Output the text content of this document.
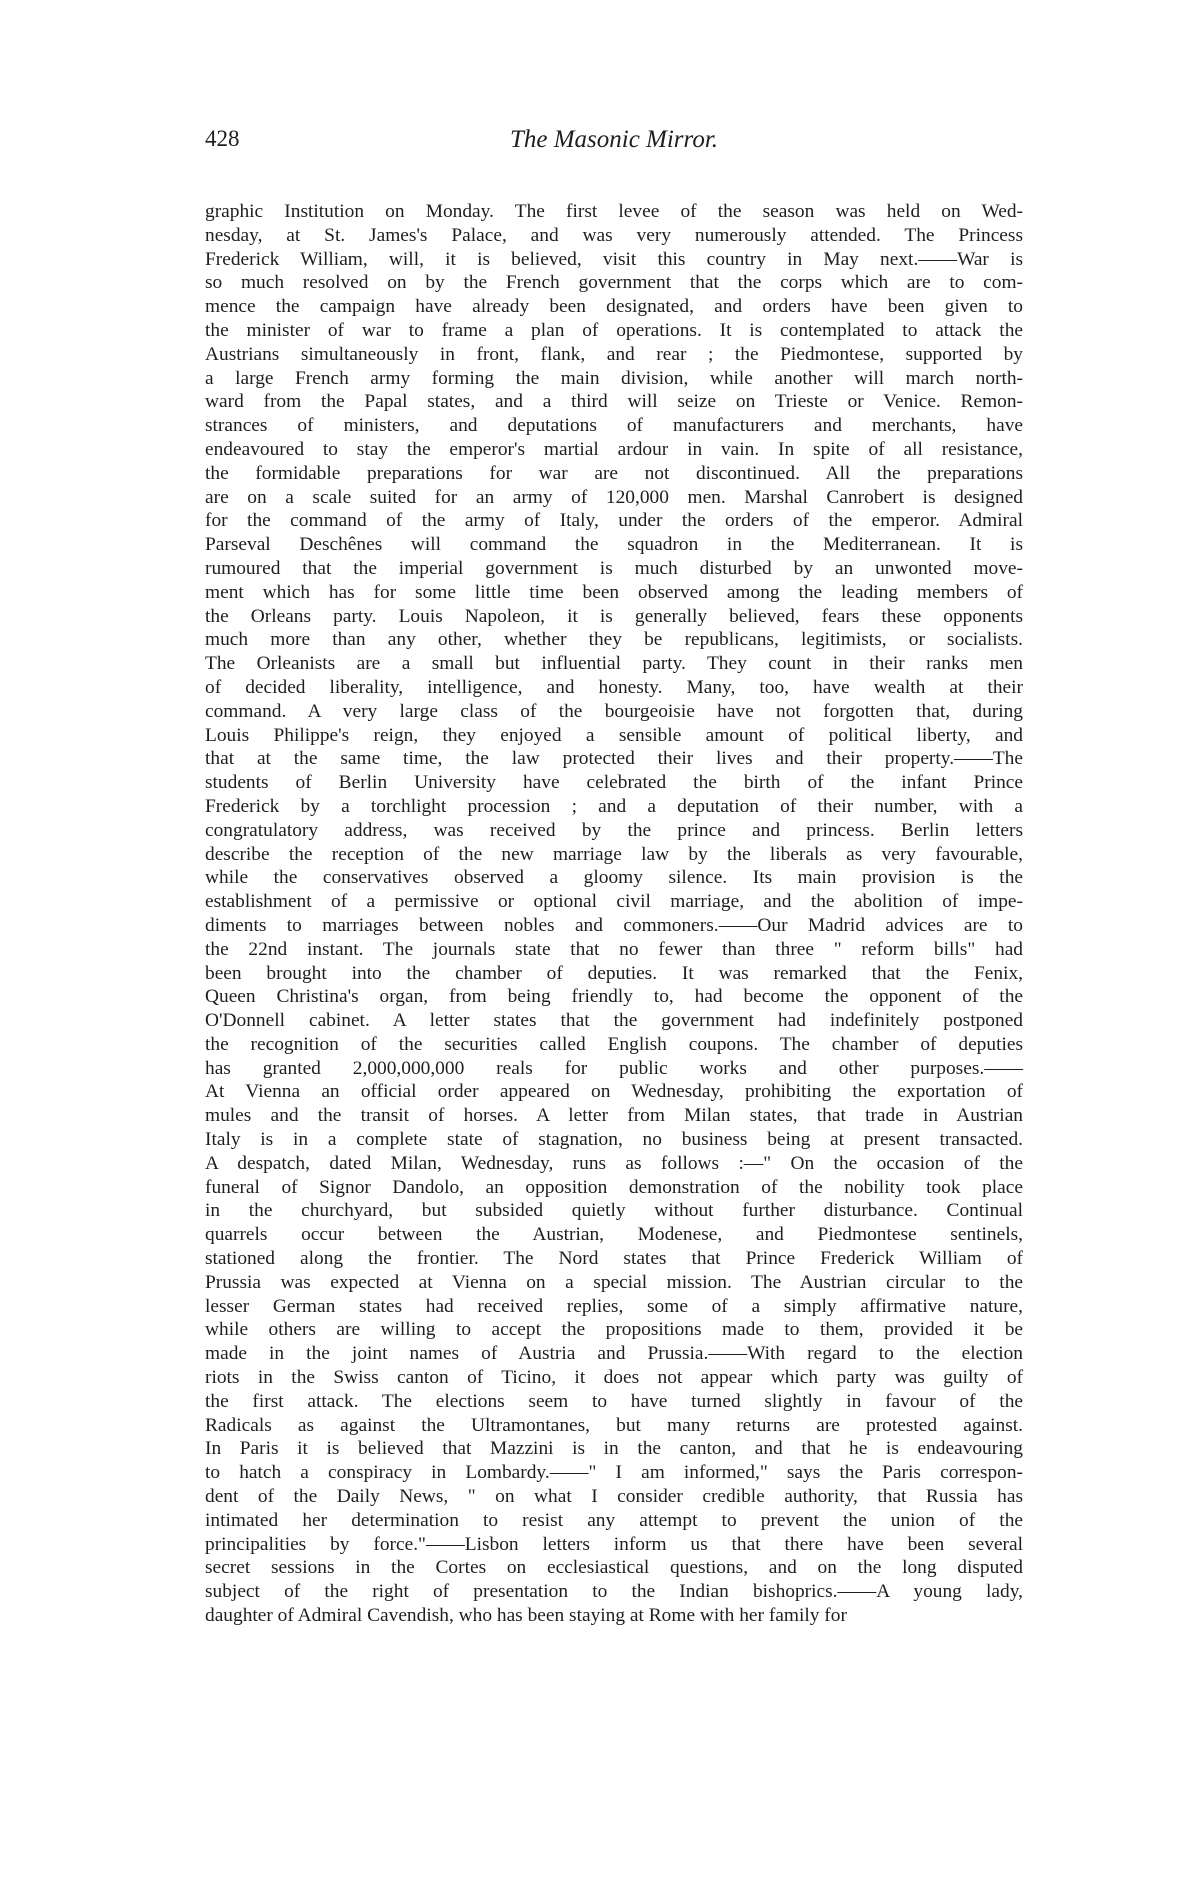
428	The Masonic Mirror.
graphic Institution on Monday. The first levee of the season was held on Wed-
nesday, at St. James's Palace, and was very numerously attended. The Princess
Frederick William, will, it is believed, visit this country in May next.——War is
so much resolved on by the French government that the corps which are to com-
mence the campaign have already been designated, and orders have been given to
the minister of war to frame a plan of operations. It is contemplated to attack the
Austrians simultaneously in front, flank, and rear ; the Piedmontese, supported by
a large French army forming the main division, while another will march north-
ward from the Papal states, and a third will seize on Trieste or Venice. Remon-
strances of ministers, and deputations of manufacturers and merchants, have
endeavoured to stay the emperor's martial ardour in vain. In spite of all resistance,
the formidable preparations for war are not discontinued. All the preparations
are on a scale suited for an army of 120,000 men. Marshal Canrobert is designed
for the command of the army of Italy, under the orders of the emperor. Admiral
Parseval Deschênes will command the squadron in the Mediterranean. It is
rumoured that the imperial government is much disturbed by an unwonted move-
ment which has for some little time been observed among the leading members of
the Orleans party. Louis Napoleon, it is generally believed, fears these opponents
much more than any other, whether they be republicans, legitimists, or socialists.
The Orleanists are a small but influential party. They count in their ranks men
of decided liberality, intelligence, and honesty. Many, too, have wealth at their
command. A very large class of the bourgeoisie have not forgotten that, during
Louis Philippe's reign, they enjoyed a sensible amount of political liberty, and
that at the same time, the law protected their lives and their property.——The
students of Berlin University have celebrated the birth of the infant Prince
Frederick by a torchlight procession ; and a deputation of their number, with a
congratulatory address, was received by the prince and princess. Berlin letters
describe the reception of the new marriage law by the liberals as very favourable,
while the conservatives observed a gloomy silence. Its main provision is the
establishment of a permissive or optional civil marriage, and the abolition of impe-
diments to marriages between nobles and commoners.——Our Madrid advices are to
the 22nd instant. The journals state that no fewer than three " reform bills" had
been brought into the chamber of deputies. It was remarked that the Fenix,
Queen Christina's organ, from being friendly to, had become the opponent of the
O'Donnell cabinet. A letter states that the government had indefinitely postponed
the recognition of the securities called English coupons. The chamber of deputies
has granted 2,000,000,000 reals for public works and other purposes.——
At Vienna an official order appeared on Wednesday, prohibiting the exportation of
mules and the transit of horses. A letter from Milan states, that trade in Austrian
Italy is in a complete state of stagnation, no business being at present transacted.
A despatch, dated Milan, Wednesday, runs as follows :—" On the occasion of the
funeral of Signor Dandolo, an opposition demonstration of the nobility took place
in the churchyard, but subsided quietly without further disturbance. Continual
quarrels occur between the Austrian, Modenese, and Piedmontese sentinels,
stationed along the frontier. The Nord states that Prince Frederick William of
Prussia was expected at Vienna on a special mission. The Austrian circular to the
lesser German states had received replies, some of a simply affirmative nature,
while others are willing to accept the propositions made to them, provided it be
made in the joint names of Austria and Prussia.——With regard to the election
riots in the Swiss canton of Ticino, it does not appear which party was guilty of
the first attack. The elections seem to have turned slightly in favour of the
Radicals as against the Ultramontanes, but many returns are protested against.
In Paris it is believed that Mazzini is in the canton, and that he is endeavouring
to hatch a conspiracy in Lombardy.——" I am informed," says the Paris correspon-
dent of the Daily News, " on what I consider credible authority, that Russia has
intimated her determination to resist any attempt to prevent the union of the
principalities by force."——Lisbon letters inform us that there have been several
secret sessions in the Cortes on ecclesiastical questions, and on the long disputed
subject of the right of presentation to the Indian bishoprics.——A young lady,
daughter of Admiral Cavendish, who has been staying at Rome with her family for
